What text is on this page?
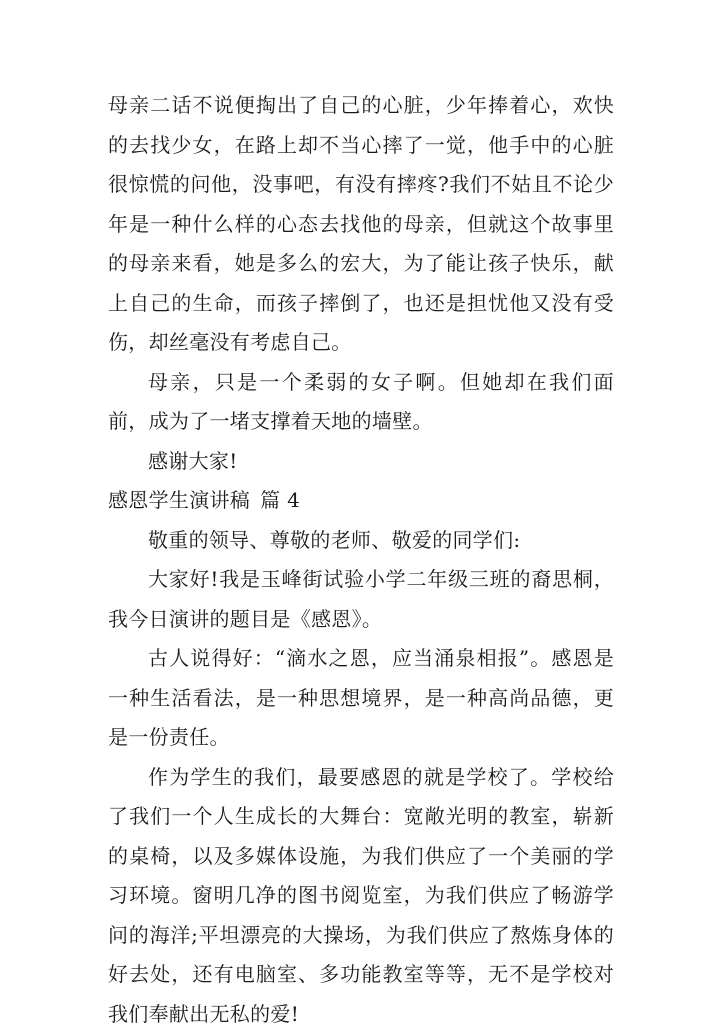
母亲二话不说便掏出了自己的心脏，少年捧着心，欢快的去找少女，在路上却不当心摔了一觉，他手中的心脏很惊慌的问他，没事吧，有没有摔疼?我们不姑且不论少年是一种什么样的心态去找他的母亲，但就这个故事里的母亲来看，她是多么的宏大，为了能让孩子快乐，献上自己的生命，而孩子摔倒了，也还是担忧他又没有受伤，却丝毫没有考虑自己。

母亲，只是一个柔弱的女子啊。但她却在我们面前，成为了一堵支撑着天地的墙壁。

感谢大家!

感恩学生演讲稿 篇 4

敬重的领导、尊敬的老师、敬爱的同学们:

大家好!我是玉峰街试验小学二年级三班的裔思桐，我今日演讲的题目是《感恩》。

古人说得好：“滴水之恩，应当涌泉相报”。感恩是一种生活看法，是一种思想境界，是一种高尚品德，更是一份责任。

作为学生的我们，最要感恩的就是学校了。学校给了我们一个人生成长的大舞台：宽敞光明的教室，崭新的桌椅，以及多媒体设施，为我们供应了一个美丽的学习环境。窗明几净的图书阅览室，为我们供应了畅游学问的海洋;平坦漂亮的大操场，为我们供应了熬炼身体的好去处，还有电脑室、多功能教室等等，无不是学校对我们奉献出无私的爱!
